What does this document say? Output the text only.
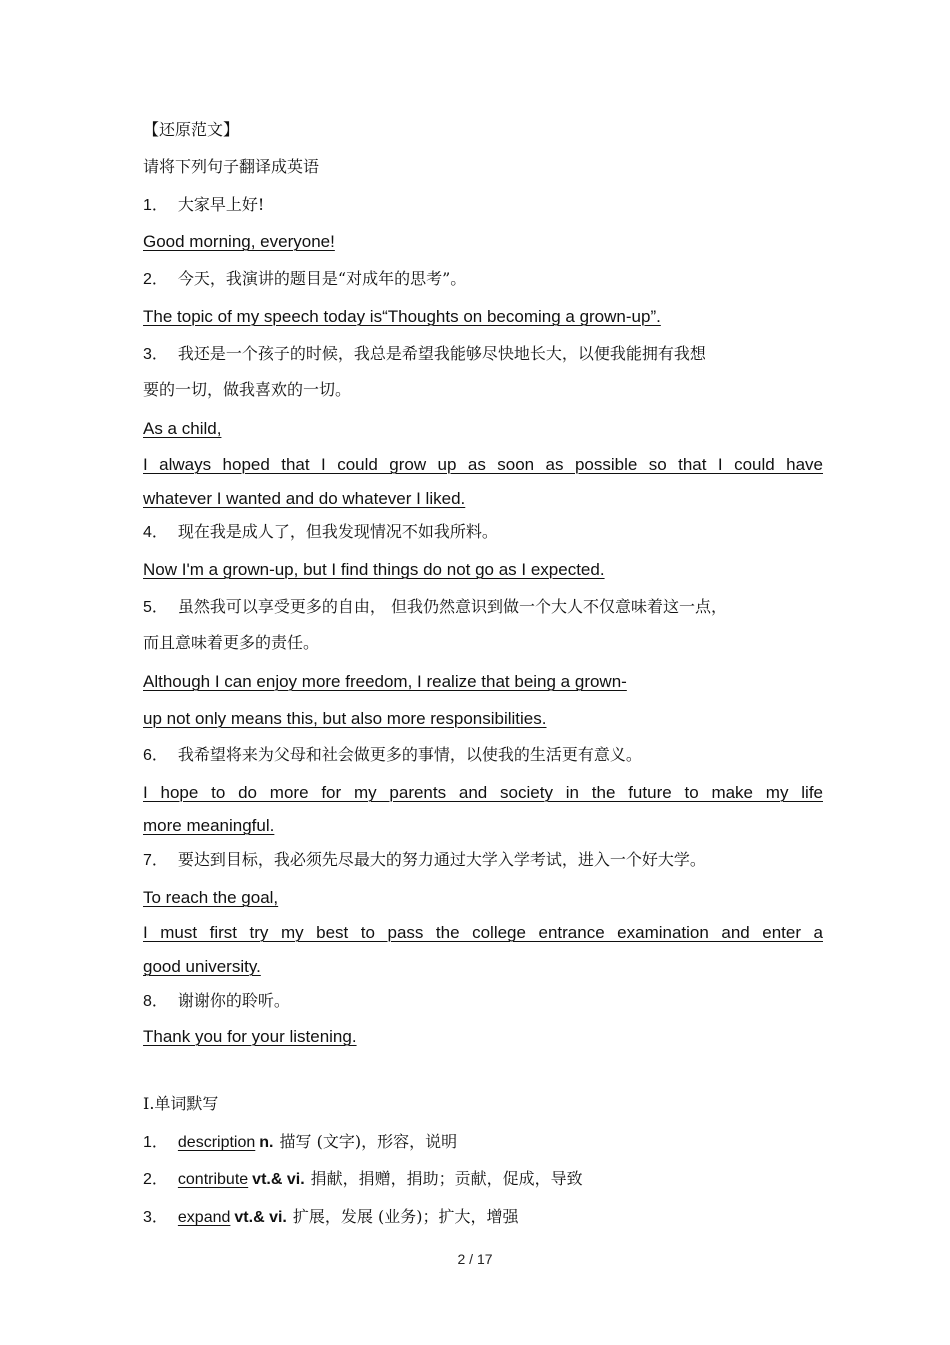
【还原范文】
请将下列句子翻译成英语
1． 大家早上好!
Good morning, everyone!
2． 今天，我演讲的题目是“对成年的思考”。
The topic of my speech today is“Thoughts on becoming a grown-up”.
3． 我还是一个孩子的时候，我总是希望我能够尽快地长大，以便我能拥有我想
要的一切，做我喜欢的一切。
As a child,
I always hoped that I could grow up as soon as possible so that I could have
whatever I wanted and do whatever I liked.
4． 现在我是成人了，但我发现情况不如我所料。
Now I'm a grown-up, but I find things do not go as I expected.
5． 虽然我可以享受更多的自由， 但我仍然意识到做一个大人不仅意味着这一点，
而且意味着更多的责任。
Although I can enjoy more freedom, I realize that being a grown-
up not only means this, but also more responsibilities.
6． 我希望将来为父母和社会做更多的事情，以使我的生活更有意义。
I hope to do more for my parents and society in the future to make my life
more meaningful.
7． 要达到目标，我必须先尽最大的努力通过大学入学考试，进入一个好大学。
To reach the goal,
I must first try my best to pass the college entrance examination and enter a
good university.
8． 谢谢你的聆听。
Thank you for your listening.
Ⅰ.单词默写
1． description n. 描写 (文字)，形容，说明
2． contribute vt.& vi. 捐献，捐赠，捐助；贡献，促成，导致
3． expand vt.& vi. 扩展，发展 (业务)；扩大，增强
2 / 17
